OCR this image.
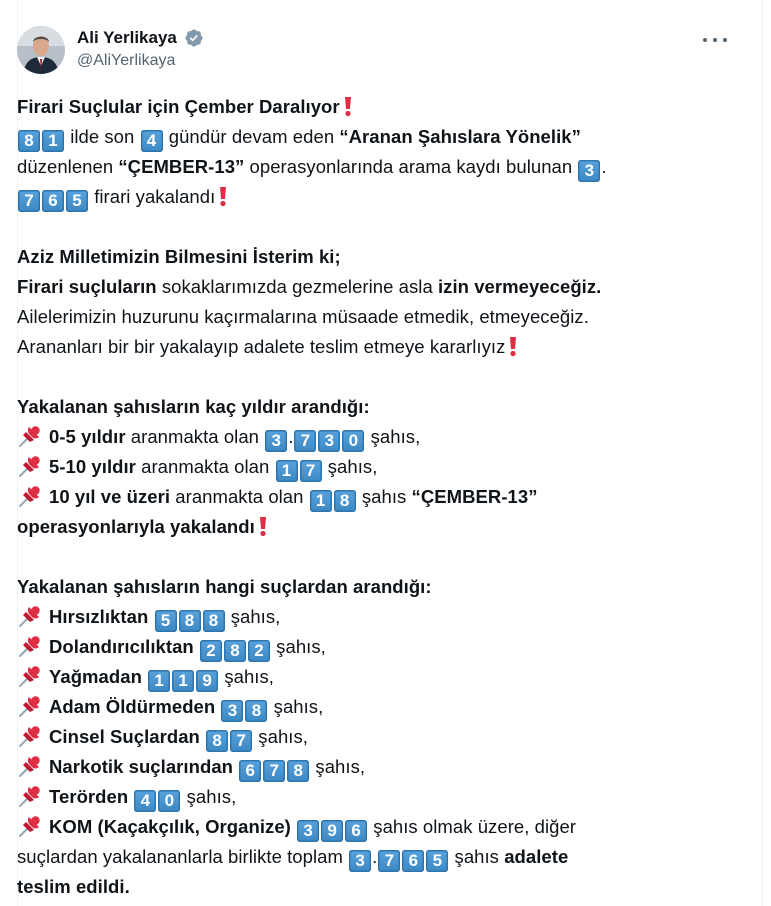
Ali Yerlikaya
@AliYerlikaya
Firari Suçlular için Çember Daralıyor
8 1 ilde son 4 gündür devam eden “Aranan Şahıslara Yönelik”
düzenlenen “ÇEMBER-13” operasyonlarında arama kaydı bulunan 3 .
7 6 5 firari yakalandı
Aziz Milletimizin Bilmesini İsterim ki;
Firari suçluların sokaklarımızda gezmelerine asla izin vermeyeceğiz.
Ailelerimizin huzurunu kaçırmalarına müsaade etmedik, etmeyeceğiz.
Arananları bir bir yakalayıp adalete teslim etmeye kararlıyız
Yakalanan şahısların kaç yıldır arandığı:
0-5 yıldır aranmakta olan 3 . 7 3 0 şahıs,
5-10 yıldır aranmakta olan 1 7 şahıs,
10 yıl ve üzeri aranmakta olan 1 8 şahıs “ÇEMBER-13”
operasyonlarıyla yakalandı
Yakalanan şahısların hangi suçlardan arandığı:
Hırsızlıktan 5 8 8 şahıs,
Dolandırıcılıktan 2 8 2 şahıs,
Yağmadan 1 1 9 şahıs,
Adam Öldürmeden 3 8 şahıs,
Cinsel Suçlardan 8 7 şahıs,
Narkotik suçlarından 6 7 8 şahıs,
Terörden 4 0 şahıs,
KOM (Kaçakçılık, Organize) 3 9 6 şahıs olmak üzere, diğer
suçlardan yakalananlarla birlikte toplam 3 . 7 6 5 şahıs adalete
teslim edildi.
